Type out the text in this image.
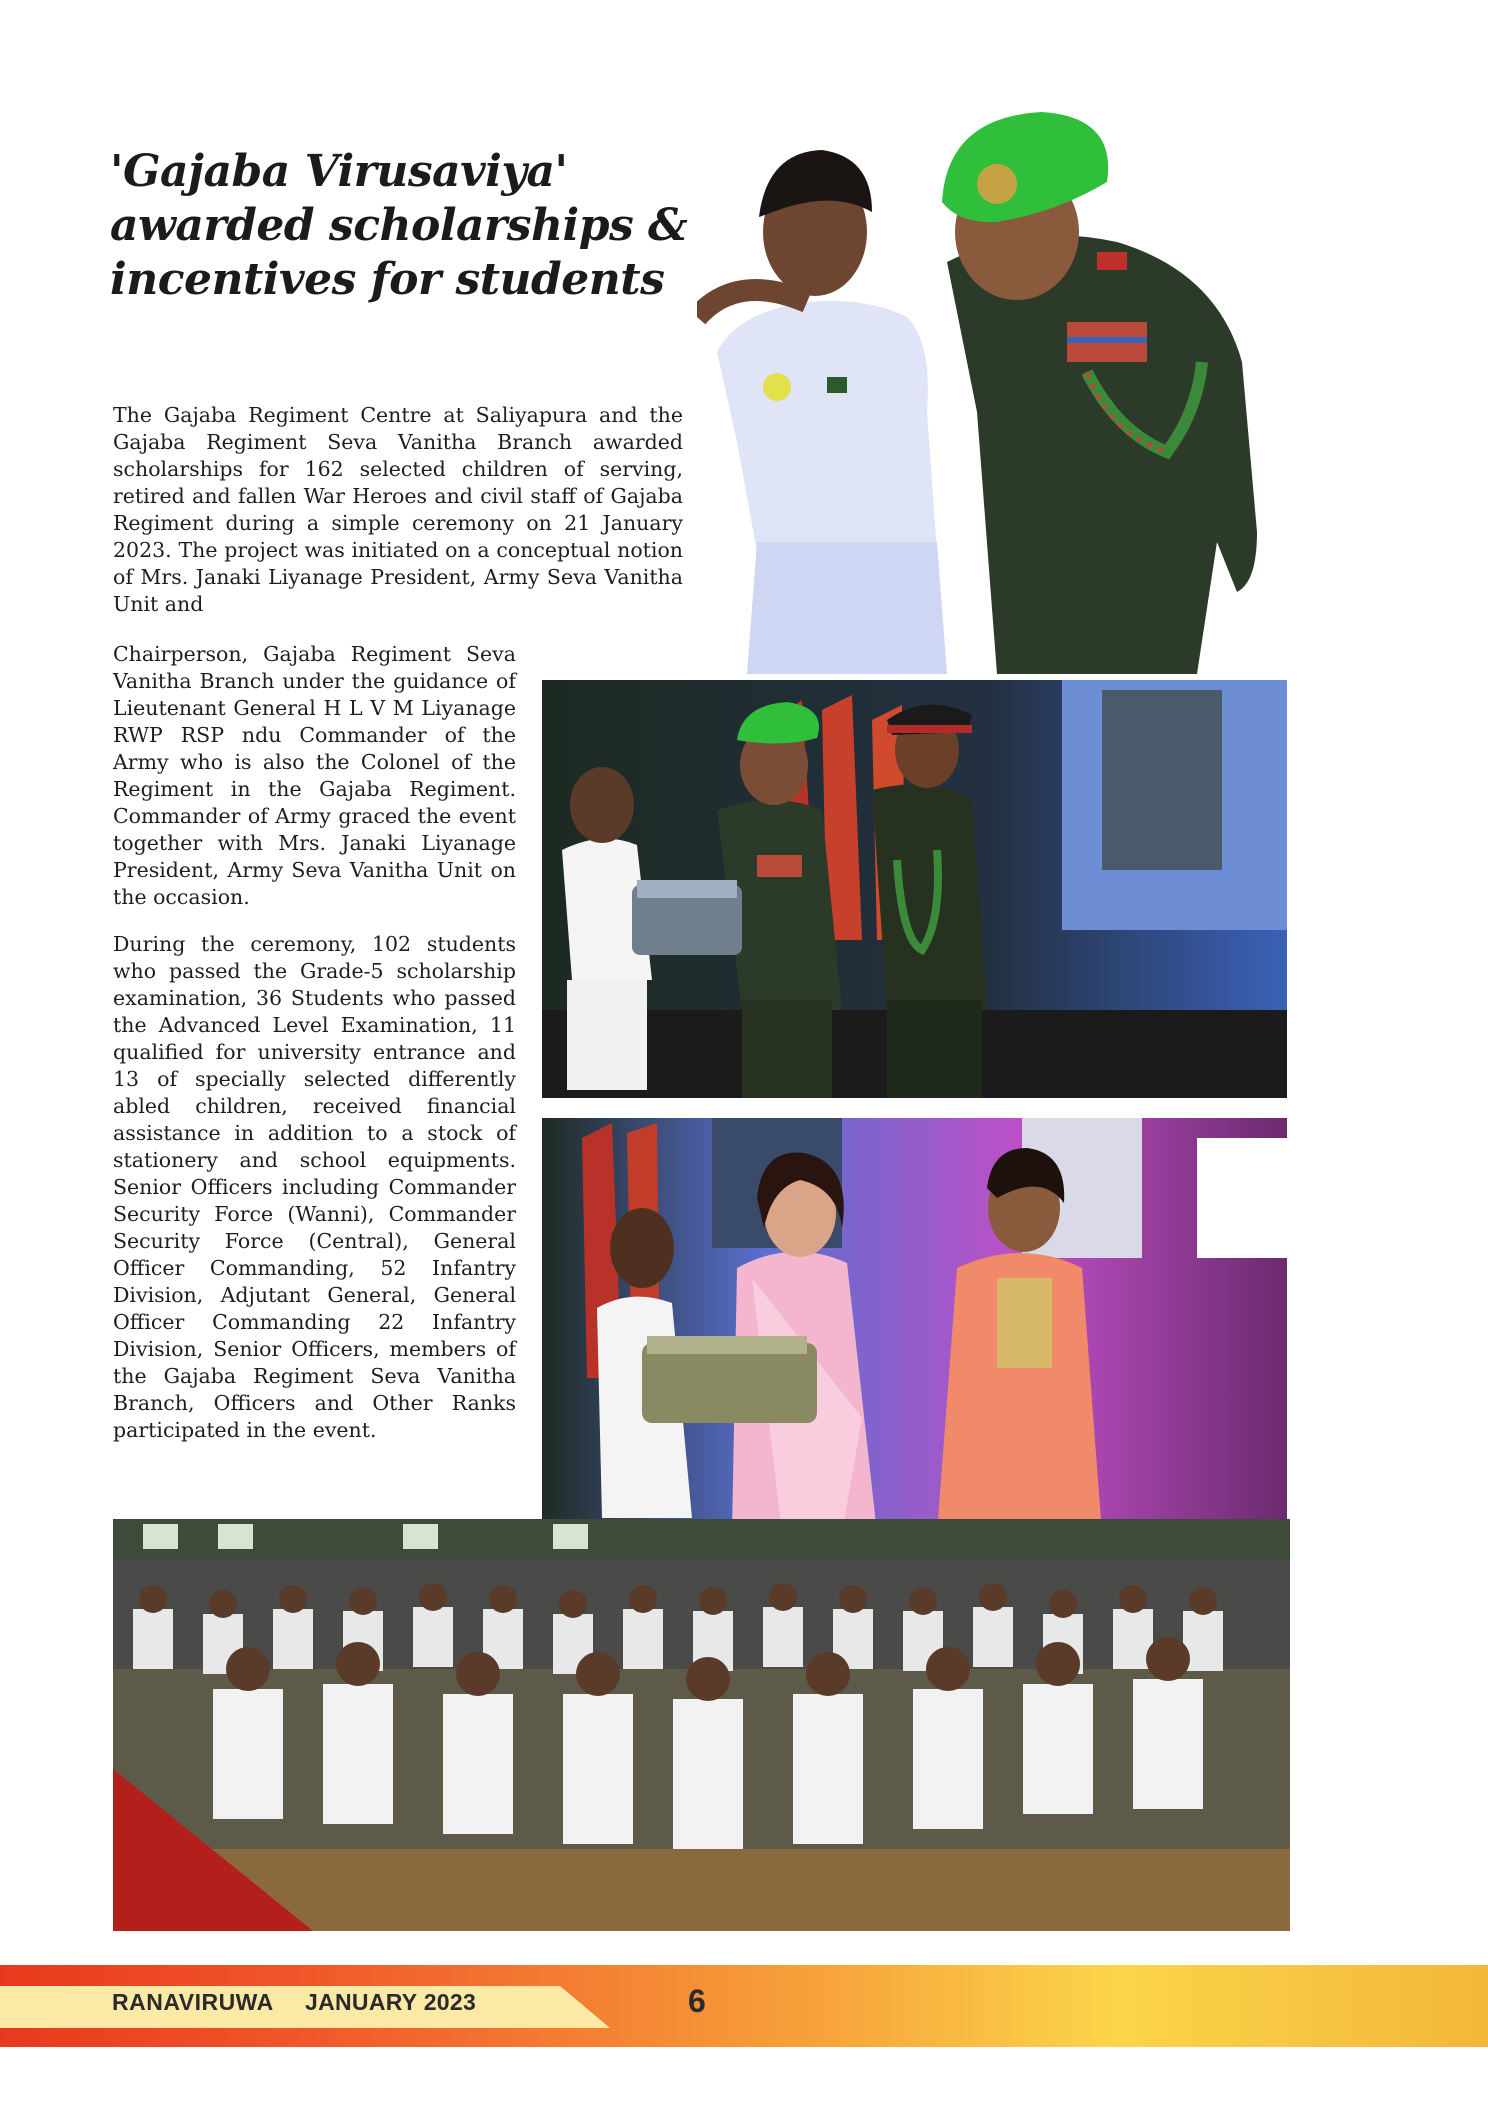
'Gajaba Virusaviya' awarded scholarships & incentives for students

The Gajaba Regiment Centre at Saliyapura and the Gajaba Regiment Seva Vanitha Branch awarded scholarships for 162 selected children of serving, retired and fallen War Heroes and civil staff of Gajaba Regiment during a simple ceremony on 21 January 2023. The project was initiated on a conceptual notion of Mrs. Janaki Liyanage President, Army Seva Vanitha Unit and

Chairperson, Gajaba Regiment Seva Vanitha Branch under the guidance of Lieutenant General H L V M Liyanage RWP RSP ndu Commander of the Army who is also the Colonel of the Regiment in the Gajaba Regiment. Commander of Army graced the event together with Mrs. Janaki Liyanage President, Army Seva Vanitha Unit on the occasion.

During the ceremony, 102 students who passed the Grade-5 scholarship examination, 36 Students who passed the Advanced Level Examination, 11 qualified for university entrance and 13 of specially selected differently abled children, received financial assistance in addition to a stock of stationery and school equipments. Senior Officers including Commander Security Force (Wanni), Commander Security Force (Central), General Officer Commanding, 52 Infantry Division, Adjutant General, General Officer Commanding 22 Infantry Division, Senior Officers, members of the Gajaba Regiment Seva Vanitha Branch, Officers and Other Ranks participated in the event.

RANAVIRUWA JANUARY 2023	6
